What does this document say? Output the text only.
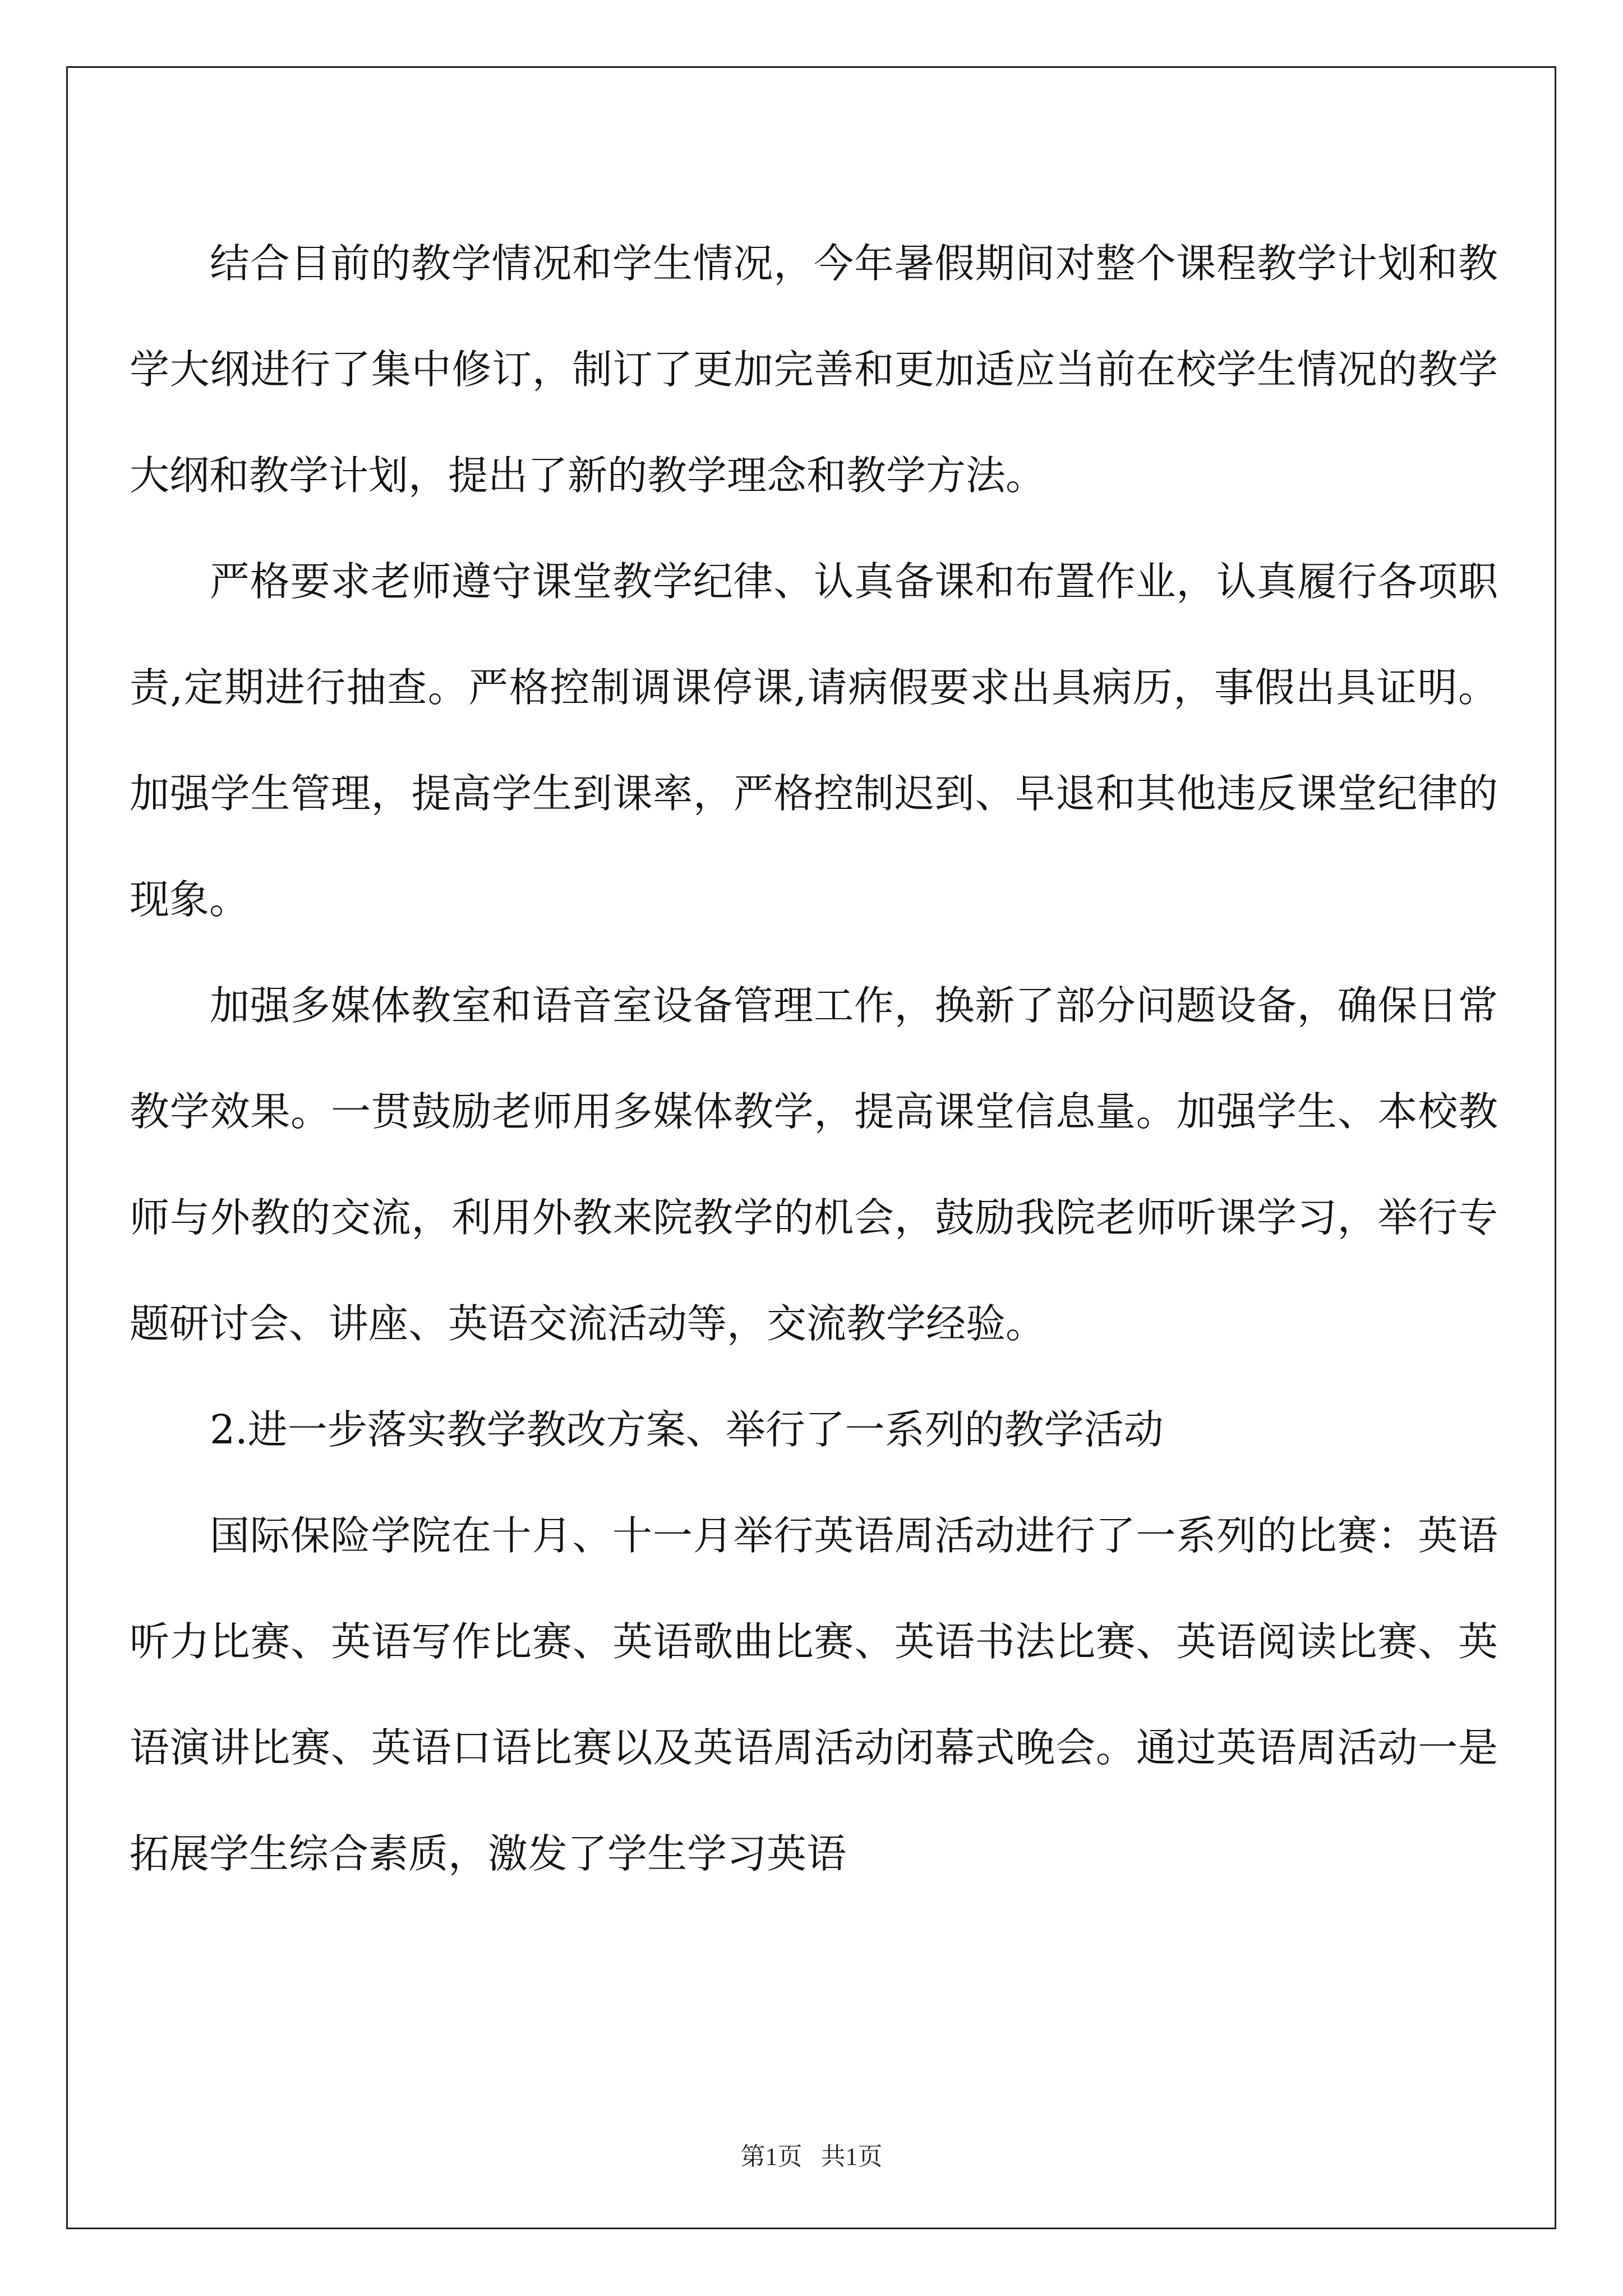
结合目前的教学情况和学生情况，今年暑假期间对整个课程教学计划和教学大纲进行了集中修订，制订了更加完善和更加适应当前在校学生情况的教学大纲和教学计划，提出了新的教学理念和教学方法。

严格要求老师遵守课堂教学纪律、认真备课和布置作业，认真履行各项职责,定期进行抽查。严格控制调课停课,请病假要求出具病历，事假出具证明。加强学生管理，提高学生到课率，严格控制迟到、早退和其他违反课堂纪律的现象。

加强多媒体教室和语音室设备管理工作，换新了部分问题设备，确保日常教学效果。一贯鼓励老师用多媒体教学，提高课堂信息量。加强学生、本校教师与外教的交流，利用外教来院教学的机会，鼓励我院老师听课学习，举行专题研讨会、讲座、英语交流活动等，交流教学经验。

2.进一步落实教学教改方案、举行了一系列的教学活动

国际保险学院在十月、十一月举行英语周活动进行了一系列的比赛：英语听力比赛、英语写作比赛、英语歌曲比赛、英语书法比赛、英语阅读比赛、英语演讲比赛、英语口语比赛以及英语周活动闭幕式晚会。通过英语周活动一是拓展学生综合素质，激发了学生学习英语

第1页   共1页
